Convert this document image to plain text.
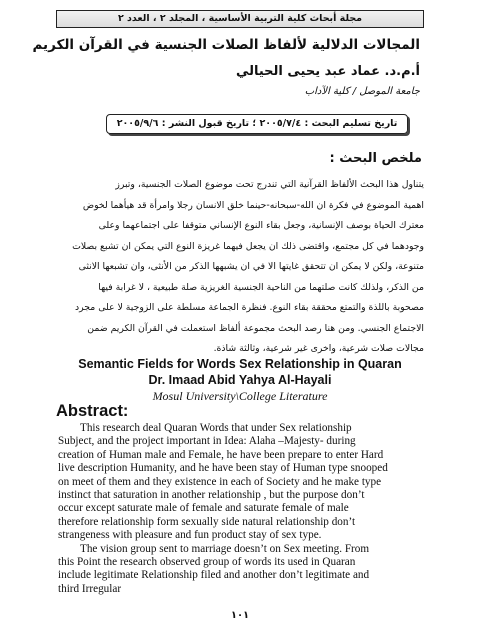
مجلة أبحاث كلية التربية الأساسية ، المجلد ٢ ، العدد ٢
المجالات الدلالية لألفاظ الصلات الجنسية في القرآن الكريم
أ.م.د. عماد عبد يحيى الحيالي
جامعة الموصل / كلية الآداب
تاريخ تسليم البحث : ٢٠٠٥/٧/٤ ؛ تاريخ قبول النشر : ٢٠٠٥/٩/٦
ملخص البحث :
يتناول هذا البحث الألفاظ القرآنية التي تندرج تحت موضوع الصلات الجنسية، وتبرز
اهمية الموضوع في فكرة ان الله-سبحانه-حينما خلق الانسان رجلا وامرأة قد هيأهما لخوض
معترك الحياة بوصف الإنسانية، وجعل بقاء النوع الإنساني متوقفا على اجتماعهما وعلى
وجودهما في كل مجتمع، واقتضى ذلك ان يجعل فيهما غريزة النوع التي يمكن ان تشبع بصلات
متنوعة، ولكن لا يمكن ان تتحقق غايتها الا في ان يشبهها الذكر من الأنثى، وان تشبعها الانثى
من الذكر، ولذلك كانت صلتهما من الناحية الجنسية الغريزية صلة طبيعية ، لا غرابة فيها
مصحوبة باللذة والتمتع محققة بقاء النوع. فنظرة الجماعة مسلطة على الزوجية لا على مجرد
الاجتماع الجنسي. ومن هنا رصد البحث مجموعة ألفاظ استعملت في القرآن الكريم ضمن
مجالات صلات شرعية، واخرى غير شرعية، وثالثة شاذة.
Semantic Fields for Words Sex Relationship in Quaran
Dr. Imaad Abid Yahya Al-Hayali
Mosul University\College Literature
Abstract:
This research deal Quaran Words that under Sex relationship
Subject, and the project important in Idea: Alaha –Majesty- during
creation of Human male and Female, he have been prepare to enter Hard
live description Humanity, and he have been stay of Human type snooped
on meet of them and they existence in each of Society and he make type
instinct that saturation in another relationship , but the purpose don’t
occur except saturate male of female and saturate female of male
therefore relationship form sexually side natural relationship don’t
strangeness with pleasure and fun product stay of sex type.
The vision group sent to marriage doesn’t on Sex meeting. From
this Point the research observed group of words its used in Quaran
include legitimate Relationship filed and another don’t legitimate and
third Irregular
١٠١
